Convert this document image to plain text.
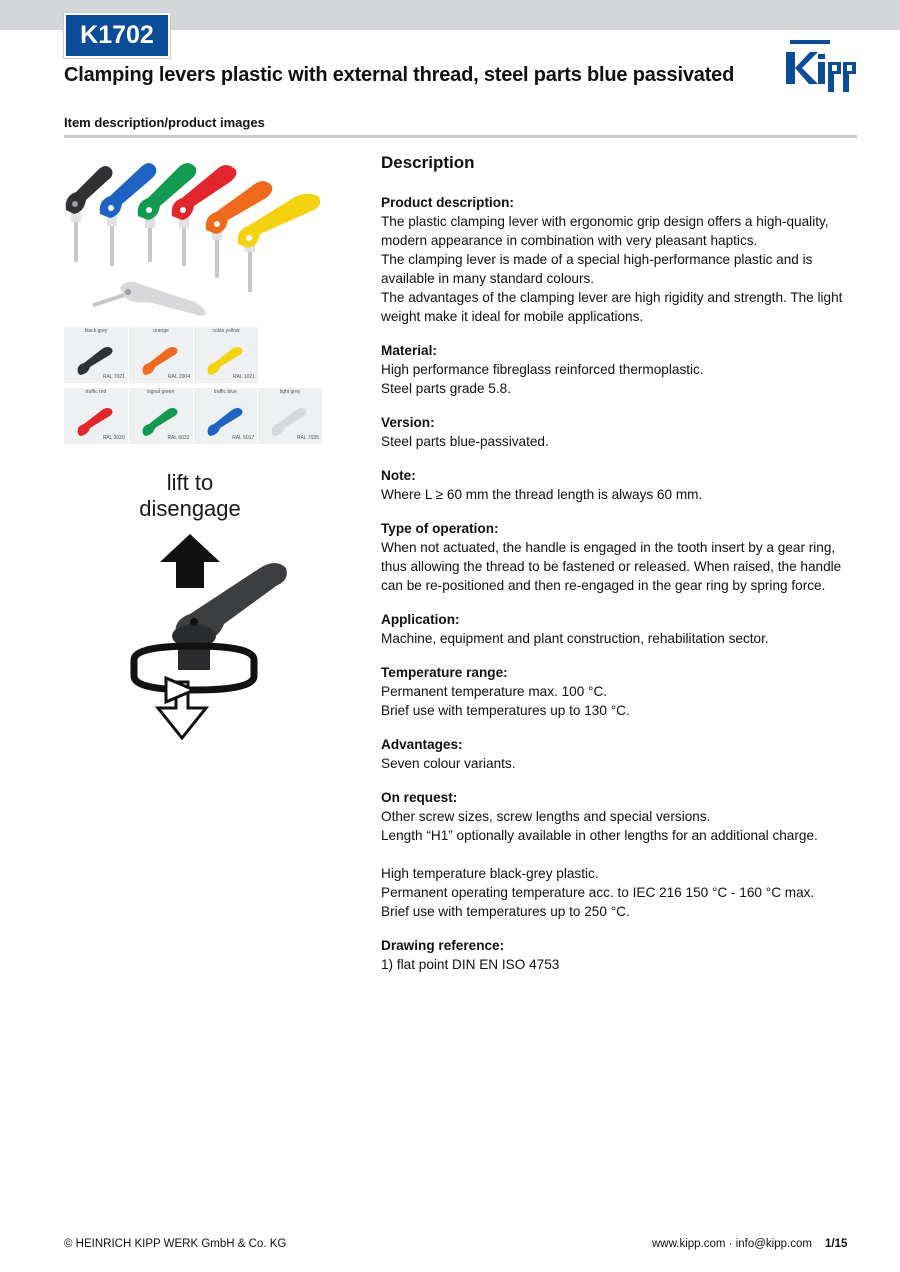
K1702
Clamping levers plastic with external thread, steel parts blue passivated
Item description/product images
black grey
RAL 7021
orange
RAL 2004
colza yellow
RAL 1021
traffic red
RAL 3020
signal green
RAL 6032
traffic blue
RAL 5017
light grey
RAL 7035
lift to
disengage
Description
Product description:
The plastic clamping lever with ergonomic grip design offers a high-quality, modern appearance in combination with very pleasant haptics.
The clamping lever is made of a special high-performance plastic and is available in many standard colours.
The advantages of the clamping lever are high rigidity and strength. The light weight make it ideal for mobile applications.
Material:
High performance fibreglass reinforced thermoplastic.
Steel parts grade 5.8.
Version:
Steel parts blue-passivated.
Note:
Where L ≥ 60 mm the thread length is always 60 mm.
Type of operation:
When not actuated, the handle is engaged in the tooth insert by a gear ring, thus allowing the thread to be fastened or released. When raised, the handle can be re-positioned and then re-engaged in the gear ring by spring force.
Application:
Machine, equipment and plant construction, rehabilitation sector.
Temperature range:
Permanent temperature max. 100 °C.
Brief use with temperatures up to 130 °C.
Advantages:
Seven colour variants.
On request:
Other screw sizes, screw lengths and special versions.
Length “H1” optionally available in other lengths for an additional charge.
High temperature black-grey plastic.
Permanent operating temperature acc. to IEC 216 150 °C - 160 °C max.
Brief use with temperatures up to 250 °C.
Drawing reference:
1) flat point DIN EN ISO 4753
© HEINRICH KIPP WERK GmbH & Co. KG	www.kipp.com · info@kipp.com 1/15
